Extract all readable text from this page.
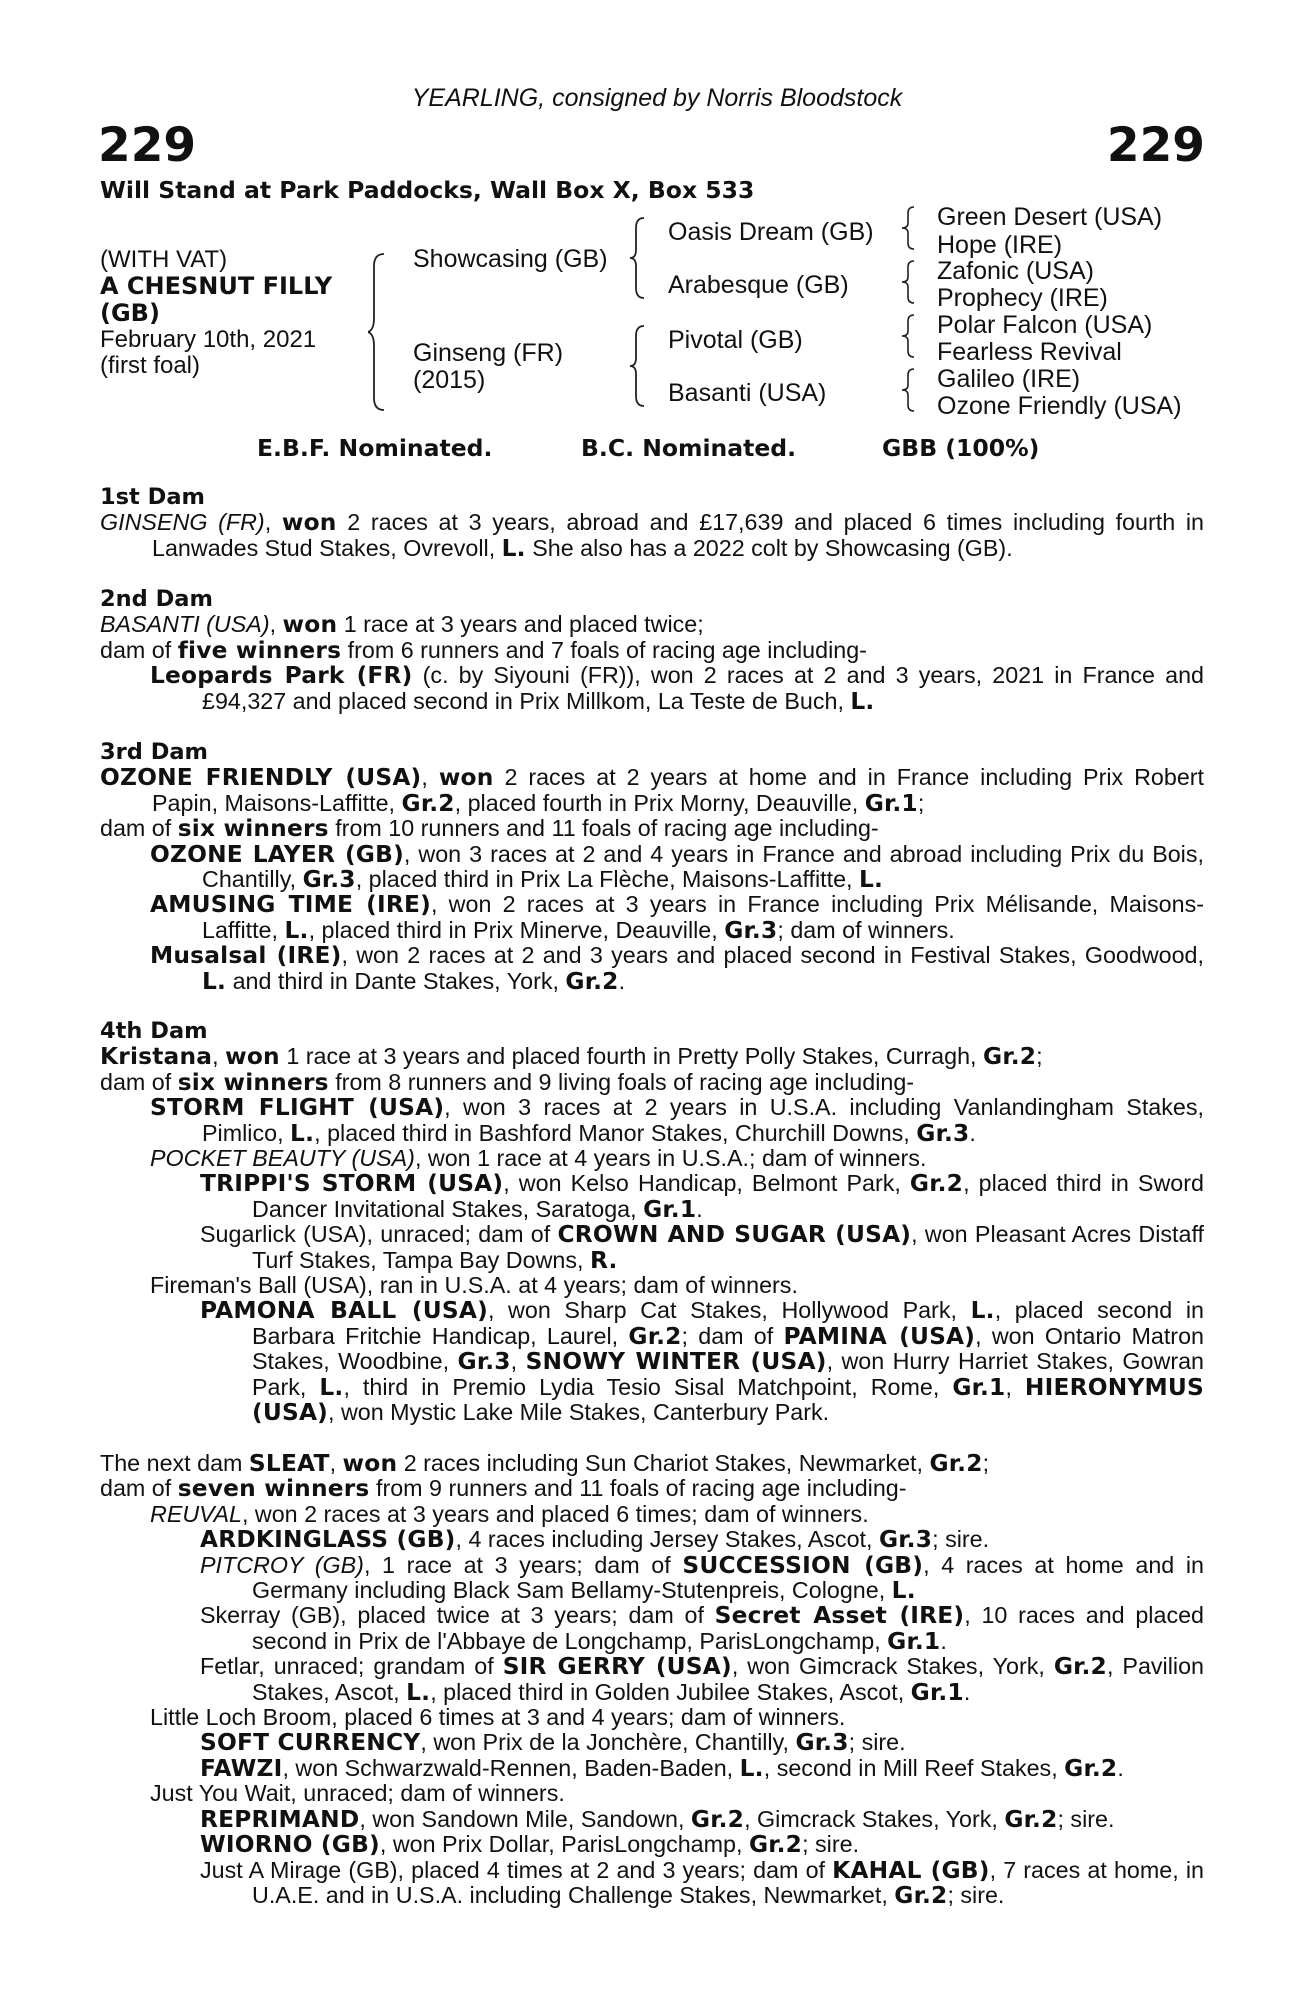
YEARLING, consigned by Norris Bloodstock
229	229
Will Stand at Park Paddocks, Wall Box X, Box 533
(WITH VAT)
A CHESNUT FILLY
(GB)
February 10th, 2021
(first foal)
Showcasing (GB)
Ginseng (FR)
(2015)
Oasis Dream (GB)
Arabesque (GB)
Pivotal (GB)
Basanti (USA)
Green Desert (USA)
Hope (IRE)
Zafonic (USA)
Prophecy (IRE)
Polar Falcon (USA)
Fearless Revival
Galileo (IRE)
Ozone Friendly (USA)
E.B.F. Nominated.	B.C. Nominated.	GBB (100%)

1st Dam

GINSENG (FR), won 2 races at 3 years, abroad and £17,639 and placed 6 times including fourth in Lanwades Stud Stakes, Ovrevoll, L. She also has a 2022 colt by Showcasing (GB).

2nd Dam

BASANTI (USA), won 1 race at 3 years and placed twice;

dam of five winners from 6 runners and 7 foals of racing age including-

Leopards Park (FR) (c. by Siyouni (FR)), won 2 races at 2 and 3 years, 2021 in France and £94,327 and placed second in Prix Millkom, La Teste de Buch, L.

3rd Dam

OZONE FRIENDLY (USA), won 2 races at 2 years at home and in France including Prix Robert Papin, Maisons-Laffitte, Gr.2, placed fourth in Prix Morny, Deauville, Gr.1;

dam of six winners from 10 runners and 11 foals of racing age including-

OZONE LAYER (GB), won 3 races at 2 and 4 years in France and abroad including Prix du Bois, Chantilly, Gr.3, placed third in Prix La Flèche, Maisons-Laffitte, L.

AMUSING TIME (IRE), won 2 races at 3 years in France including Prix Mélisande, Maisons-Laffitte, L., placed third in Prix Minerve, Deauville, Gr.3; dam of winners.

Musalsal (IRE), won 2 races at 2 and 3 years and placed second in Festival Stakes, Goodwood, L. and third in Dante Stakes, York, Gr.2.

4th Dam

Kristana, won 1 race at 3 years and placed fourth in Pretty Polly Stakes, Curragh, Gr.2;

dam of six winners from 8 runners and 9 living foals of racing age including-

STORM FLIGHT (USA), won 3 races at 2 years in U.S.A. including Vanlandingham Stakes, Pimlico, L., placed third in Bashford Manor Stakes, Churchill Downs, Gr.3.

POCKET BEAUTY (USA), won 1 race at 4 years in U.S.A.; dam of winners.

TRIPPI'S STORM (USA), won Kelso Handicap, Belmont Park, Gr.2, placed third in Sword Dancer Invitational Stakes, Saratoga, Gr.1.

Sugarlick (USA), unraced; dam of CROWN AND SUGAR (USA), won Pleasant Acres Distaff Turf Stakes, Tampa Bay Downs, R.

Fireman's Ball (USA), ran in U.S.A. at 4 years; dam of winners.

PAMONA BALL (USA), won Sharp Cat Stakes, Hollywood Park, L., placed second in Barbara Fritchie Handicap, Laurel, Gr.2; dam of PAMINA (USA), won Ontario Matron Stakes, Woodbine, Gr.3, SNOWY WINTER (USA), won Hurry Harriet Stakes, Gowran Park, L., third in Premio Lydia Tesio Sisal Matchpoint, Rome, Gr.1, HIERONYMUS (USA), won Mystic Lake Mile Stakes, Canterbury Park.

The next dam SLEAT, won 2 races including Sun Chariot Stakes, Newmarket, Gr.2;

dam of seven winners from 9 runners and 11 foals of racing age including-

REUVAL, won 2 races at 3 years and placed 6 times; dam of winners.

ARDKINGLASS (GB), 4 races including Jersey Stakes, Ascot, Gr.3; sire.

PITCROY (GB), 1 race at 3 years; dam of SUCCESSION (GB), 4 races at home and in Germany including Black Sam Bellamy-Stutenpreis, Cologne, L.

Skerray (GB), placed twice at 3 years; dam of Secret Asset (IRE), 10 races and placed second in Prix de l'Abbaye de Longchamp, ParisLongchamp, Gr.1.

Fetlar, unraced; grandam of SIR GERRY (USA), won Gimcrack Stakes, York, Gr.2, Pavilion Stakes, Ascot, L., placed third in Golden Jubilee Stakes, Ascot, Gr.1.

Little Loch Broom, placed 6 times at 3 and 4 years; dam of winners.

SOFT CURRENCY, won Prix de la Jonchère, Chantilly, Gr.3; sire.

FAWZI, won Schwarzwald-Rennen, Baden-Baden, L., second in Mill Reef Stakes, Gr.2.

Just You Wait, unraced; dam of winners.

REPRIMAND, won Sandown Mile, Sandown, Gr.2, Gimcrack Stakes, York, Gr.2; sire.

WIORNO (GB), won Prix Dollar, ParisLongchamp, Gr.2; sire.

Just A Mirage (GB), placed 4 times at 2 and 3 years; dam of KAHAL (GB), 7 races at home, in U.A.E. and in U.S.A. including Challenge Stakes, Newmarket, Gr.2; sire.
